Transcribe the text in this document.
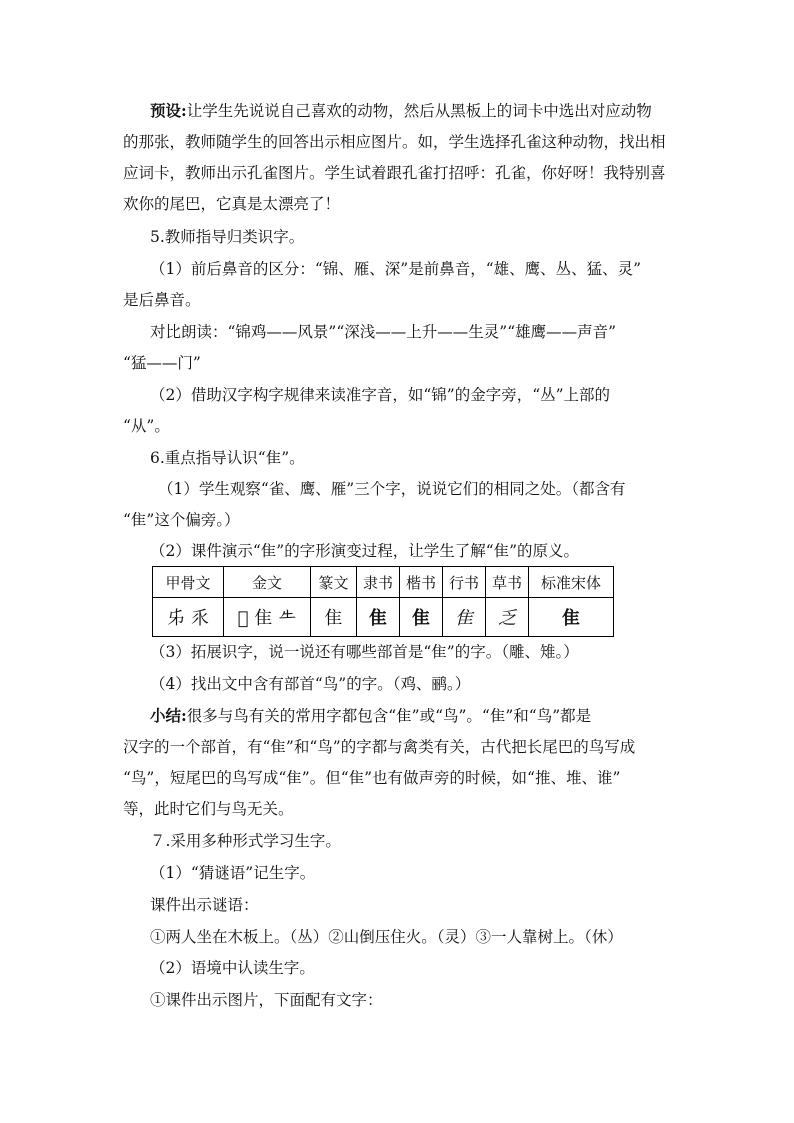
预设:让学生先说说自己喜欢的动物，然后从黑板上的词卡中选出对应动物
的那张，教师随学生的回答出示相应图片。如，学生选择孔雀这种动物，找出相
应词卡，教师出示孔雀图片。学生试着跟孔雀打招呼：孔雀，你好呀！我特别喜
欢你的尾巴，它真是太漂亮了！
5.教师指导归类识字。
（1）前后鼻音的区分：“锦、雁、深”是前鼻音，“雄、鹰、丛、猛、灵”
是后鼻音。
对比朗读：“锦鸡——风景”“深浅——上升——生灵”“雄鹰——声音”
“猛——门”
（2）借助汉字构字规律来读准字音，如“锦”的金字旁，“丛”上部的
“从”。
6.重点指导认识“隹”。
（1）学生观察“雀、鹰、雁”三个字，说说它们的相同之处。（都含有
“隹”这个偏旁。）
（2）课件演示“隹”的字形演变过程，让学生了解“隹”的原义。
甲骨文	金文	篆文	隶书	楷书	行书	草书	标准宋体
𠂔 乑	𠃧 隹 𠂒	隹	隹	隹	隹	乏	隹
（3）拓展识字，说一说还有哪些部首是“隹”的字。（雕、雉。）
（4）找出文中含有部首“鸟”的字。（鸡、鹂。）
小结:很多与鸟有关的常用字都包含“隹”或“鸟”。“隹”和“鸟”都是
汉字的一个部首，有“隹”和“鸟”的字都与禽类有关，古代把长尾巴的鸟写成
“鸟”，短尾巴的鸟写成“隹”。但“隹”也有做声旁的时候，如“推、堆、谁”
等，此时它们与鸟无关。
７.采用多种形式学习生字。
（1）“猜谜语”记生字。
课件出示谜语：
①两人坐在木板上。（丛）②山倒压住火。（灵）③一人靠树上。（休）
（2）语境中认读生字。
①课件出示图片，下面配有文字：
